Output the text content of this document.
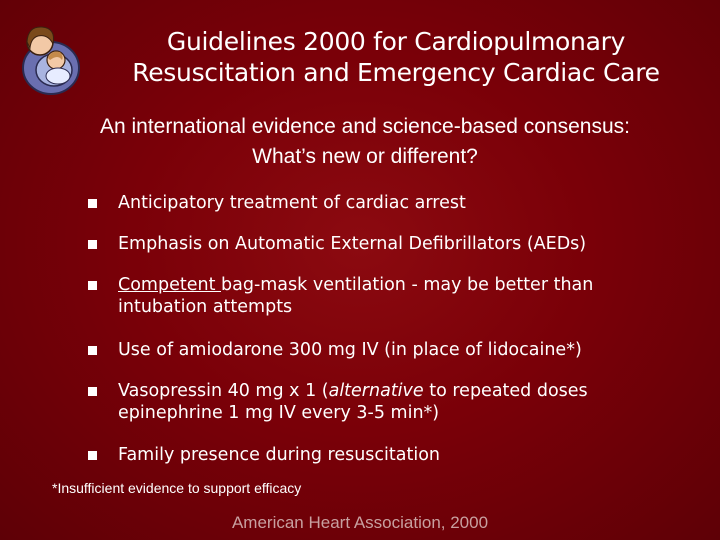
Guidelines 2000 for Cardiopulmonary
Resuscitation and Emergency Cardiac Care
An international evidence and science-based consensus:
What’s new or different?
Anticipatory treatment of cardiac arrest
Emphasis on Automatic External Defibrillators (AEDs)
Competent bag-mask ventilation - may be better than
intubation attempts
Use of amiodarone 300 mg IV (in place of lidocaine*)
Vasopressin 40 mg x 1 (alternative to repeated doses
epinephrine 1 mg IV every 3-5 min*)
Family presence during resuscitation
*Insufficient evidence to support efficacy
American Heart Association, 2000
